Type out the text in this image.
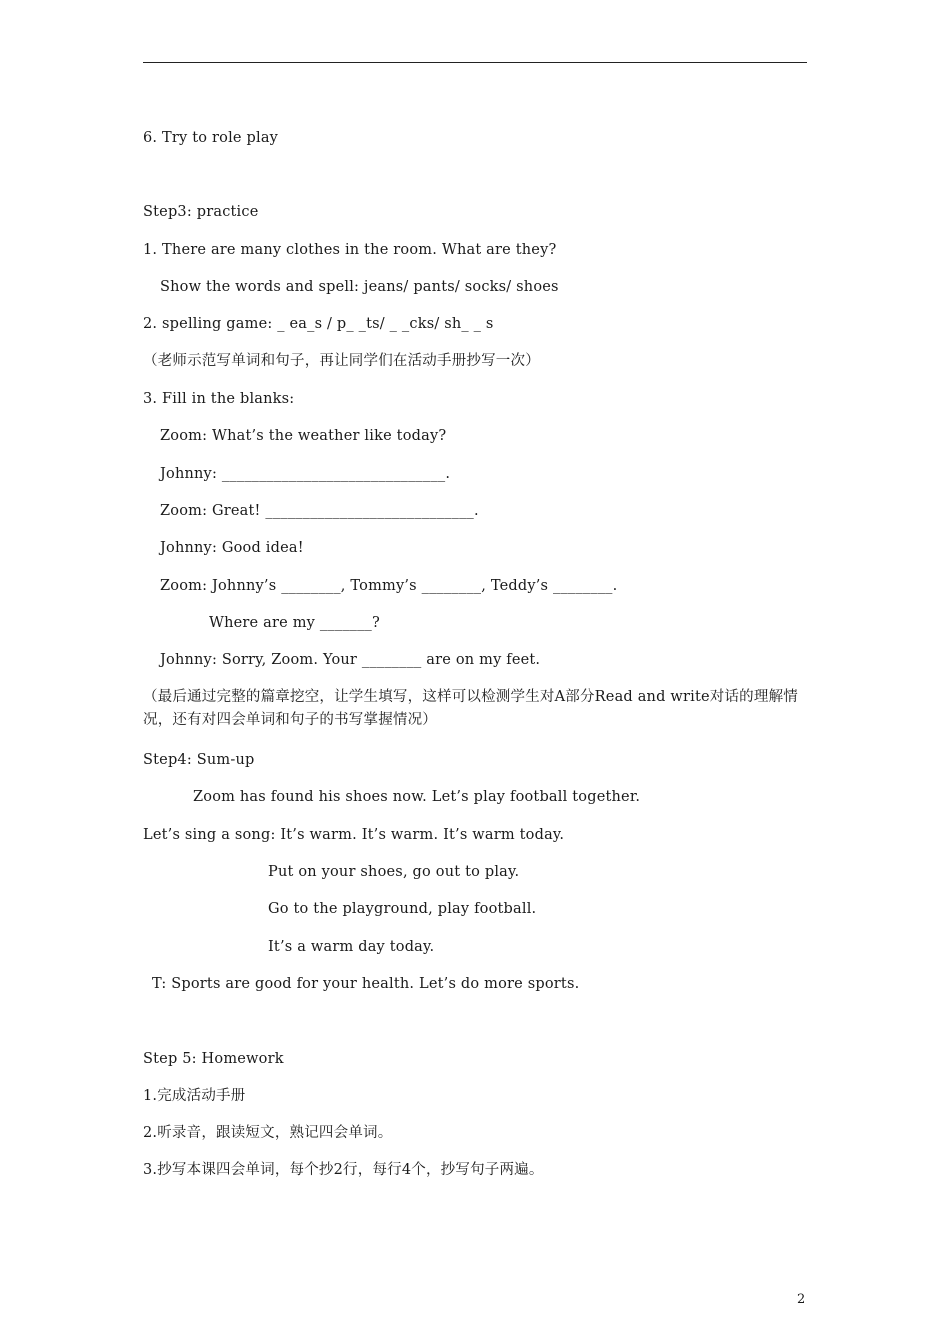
6. Try to role play
Step3: practice
1. There are many clothes in the room. What are they?
Show the words and spell: jeans/ pants/ socks/ shoes
2. spelling game: _ ea_s / p_ _ts/ _ _cks/ sh_ _ s
（老师示范写单词和句子，再让同学们在活动手册抄写一次）
3. Fill in the blanks:
Zoom: What’s the weather like today?
Johnny: ______________________________.
Zoom: Great! ____________________________.
Johnny: Good idea!
Zoom: Johnny’s ________, Tommy’s ________, Teddy’s ________.
Where are my _______?
Johnny: Sorry, Zoom. Your ________ are on my feet.
（最后通过完整的篇章挖空，让学生填写，这样可以检测学生对A部分Read and write对话的理解情况，还有对四会单词和句子的书写掌握情况）
Step4: Sum-up
Zoom has found his shoes now. Let’s play football together.
Let’s sing a song: It’s warm. It’s warm. It’s warm today.
Put on your shoes, go out to play.
Go to the playground, play football.
It’s a warm day today.
T: Sports are good for your health. Let’s do more sports.
Step 5: Homework
1.完成活动手册
2.听录音，跟读短文，熟记四会单词。
3.抄写本课四会单词，每个抄2行，每行4个，抄写句子两遍。
2
